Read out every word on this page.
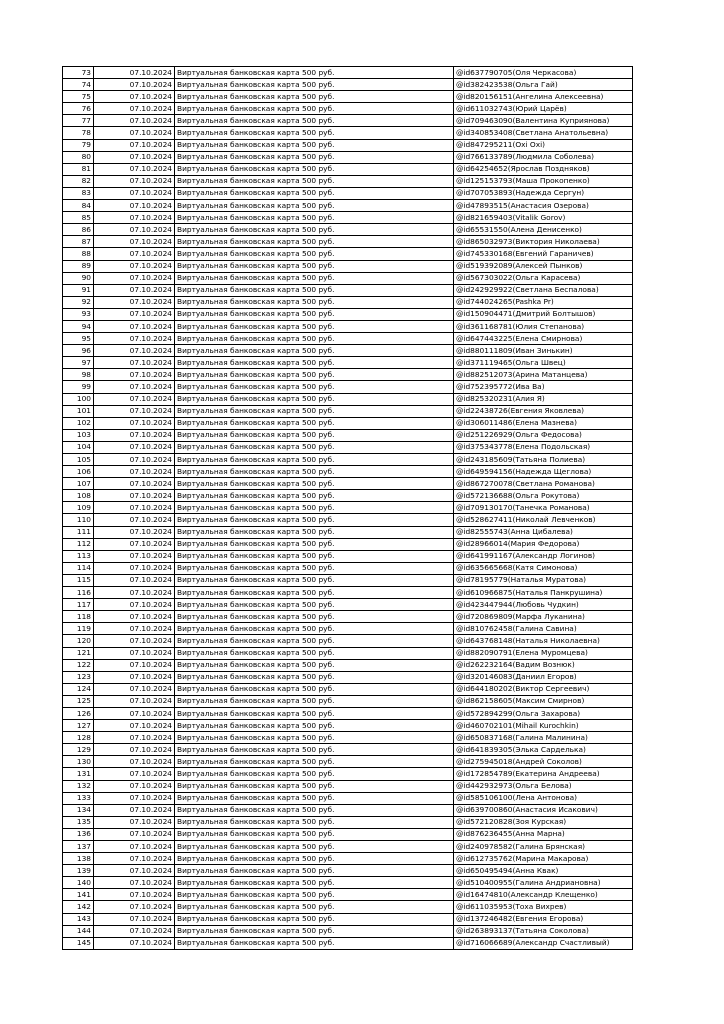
73	07.10.2024	Виртуальная банковская карта 500 руб.	@id637790705(Оля Черкасова)
74	07.10.2024	Виртуальная банковская карта 500 руб.	@id382423538(Ольга Гай)
75	07.10.2024	Виртуальная банковская карта 500 руб.	@id820156151(Ангелина Алексеевна)
76	07.10.2024	Виртуальная банковская карта 500 руб.	@id611032743(Юрий Царёв)
77	07.10.2024	Виртуальная банковская карта 500 руб.	@id709463090(Валентина Куприянова)
78	07.10.2024	Виртуальная банковская карта 500 руб.	@id340853408(Светлана Анатольевна)
79	07.10.2024	Виртуальная банковская карта 500 руб.	@id847295211(Oxi Oxi)
80	07.10.2024	Виртуальная банковская карта 500 руб.	@id766133789(Людмила Соболева)
81	07.10.2024	Виртуальная банковская карта 500 руб.	@id64254652(Ярослав Поздняков)
82	07.10.2024	Виртуальная банковская карта 500 руб.	@id125153793(Маша Прокопенко)
83	07.10.2024	Виртуальная банковская карта 500 руб.	@id707053893(Надежда Сергун)
84	07.10.2024	Виртуальная банковская карта 500 руб.	@id47893515(Анастасия Озерова)
85	07.10.2024	Виртуальная банковская карта 500 руб.	@id821659403(Vitalik Gorov)
86	07.10.2024	Виртуальная банковская карта 500 руб.	@id65531550(Алена Денисенко)
87	07.10.2024	Виртуальная банковская карта 500 руб.	@id865032973(Виктория Николаева)
88	07.10.2024	Виртуальная банковская карта 500 руб.	@id745330168(Евгений Гараничев)
89	07.10.2024	Виртуальная банковская карта 500 руб.	@id519392089(Алексей Пынков)
90	07.10.2024	Виртуальная банковская карта 500 руб.	@id567303022(Ольга Карасева)
91	07.10.2024	Виртуальная банковская карта 500 руб.	@id242929922(Светлана Беспалова)
92	07.10.2024	Виртуальная банковская карта 500 руб.	@id744024265(Pashka Pr)
93	07.10.2024	Виртуальная банковская карта 500 руб.	@id150904471(Дмитрий Болтышов)
94	07.10.2024	Виртуальная банковская карта 500 руб.	@id361168781(Юлия Степанова)
95	07.10.2024	Виртуальная банковская карта 500 руб.	@id647443225(Елена Смирнова)
96	07.10.2024	Виртуальная банковская карта 500 руб.	@id880111809(Иван Зинькин)
97	07.10.2024	Виртуальная банковская карта 500 руб.	@id371119465(Ольга Швец)
98	07.10.2024	Виртуальная банковская карта 500 руб.	@id882512073(Арина Матанцева)
99	07.10.2024	Виртуальная банковская карта 500 руб.	@id752395772(Ива Ва)
100	07.10.2024	Виртуальная банковская карта 500 руб.	@id825320231(Алия Я)
101	07.10.2024	Виртуальная банковская карта 500 руб.	@id22438726(Евгения Яковлева)
102	07.10.2024	Виртуальная банковская карта 500 руб.	@id306011486(Елена Мазнева)
103	07.10.2024	Виртуальная банковская карта 500 руб.	@id251226929(Ольга Федосова)
104	07.10.2024	Виртуальная банковская карта 500 руб.	@id375343778(Елена Подольская)
105	07.10.2024	Виртуальная банковская карта 500 руб.	@id243185609(Татьяна Полиева)
106	07.10.2024	Виртуальная банковская карта 500 руб.	@id649594156(Надежда Щеглова)
107	07.10.2024	Виртуальная банковская карта 500 руб.	@id867270078(Светлана Романова)
108	07.10.2024	Виртуальная банковская карта 500 руб.	@id572136688(Ольга Рокутова)
109	07.10.2024	Виртуальная банковская карта 500 руб.	@id709130170(Танечка Романова)
110	07.10.2024	Виртуальная банковская карта 500 руб.	@id528627411(Николай Левченков)
111	07.10.2024	Виртуальная банковская карта 500 руб.	@id82555743(Анна Цибалева)
112	07.10.2024	Виртуальная банковская карта 500 руб.	@id28966014(Мария Федорова)
113	07.10.2024	Виртуальная банковская карта 500 руб.	@id641991167(Александр Логинов)
114	07.10.2024	Виртуальная банковская карта 500 руб.	@id635665668(Катя Симонова)
115	07.10.2024	Виртуальная банковская карта 500 руб.	@id78195779(Наталья Муратова)
116	07.10.2024	Виртуальная банковская карта 500 руб.	@id610966875(Наталья Панкрушина)
117	07.10.2024	Виртуальная банковская карта 500 руб.	@id423447944(Любовь Чудкин)
118	07.10.2024	Виртуальная банковская карта 500 руб.	@id720869809(Марфа Луканина)
119	07.10.2024	Виртуальная банковская карта 500 руб.	@id810762458(Галина Савина)
120	07.10.2024	Виртуальная банковская карта 500 руб.	@id643768148(Наталья Николаевна)
121	07.10.2024	Виртуальная банковская карта 500 руб.	@id882090791(Елена Муромцева)
122	07.10.2024	Виртуальная банковская карта 500 руб.	@id262232164(Вадим Вознюк)
123	07.10.2024	Виртуальная банковская карта 500 руб.	@id320146083(Даниил Егоров)
124	07.10.2024	Виртуальная банковская карта 500 руб.	@id644180202(Виктор Сергеевич)
125	07.10.2024	Виртуальная банковская карта 500 руб.	@id862158605(Максим Смирнов)
126	07.10.2024	Виртуальная банковская карта 500 руб.	@id572894299(Ольга Захарова)
127	07.10.2024	Виртуальная банковская карта 500 руб.	@id460702101(Mihail Kurochkin)
128	07.10.2024	Виртуальная банковская карта 500 руб.	@id650837168(Галина Малинина)
129	07.10.2024	Виртуальная банковская карта 500 руб.	@id641839305(Элька Сарделька)
130	07.10.2024	Виртуальная банковская карта 500 руб.	@id275945018(Андрей Соколов)
131	07.10.2024	Виртуальная банковская карта 500 руб.	@id172854789(Екатерина Андреева)
132	07.10.2024	Виртуальная банковская карта 500 руб.	@id442932973(Ольга Белова)
133	07.10.2024	Виртуальная банковская карта 500 руб.	@id585106100(Лена Антонова)
134	07.10.2024	Виртуальная банковская карта 500 руб.	@id639700860(Анастасия Исакович)
135	07.10.2024	Виртуальная банковская карта 500 руб.	@id572120828(Зоя Курская)
136	07.10.2024	Виртуальная банковская карта 500 руб.	@id876236455(Анна Марна)
137	07.10.2024	Виртуальная банковская карта 500 руб.	@id240978582(Галина Брянская)
138	07.10.2024	Виртуальная банковская карта 500 руб.	@id612735762(Марина Макарова)
139	07.10.2024	Виртуальная банковская карта 500 руб.	@id650495494(Анна Квак)
140	07.10.2024	Виртуальная банковская карта 500 руб.	@id510400955(Галина Андриановна)
141	07.10.2024	Виртуальная банковская карта 500 руб.	@id16474810(Александр Клещенко)
142	07.10.2024	Виртуальная банковская карта 500 руб.	@id611035953(Тоха Вихрев)
143	07.10.2024	Виртуальная банковская карта 500 руб.	@id137246482(Евгения Егорова)
144	07.10.2024	Виртуальная банковская карта 500 руб.	@id263893137(Татьяна Соколова)
145	07.10.2024	Виртуальная банковская карта 500 руб.	@id716066689(Александр Счастливый)
